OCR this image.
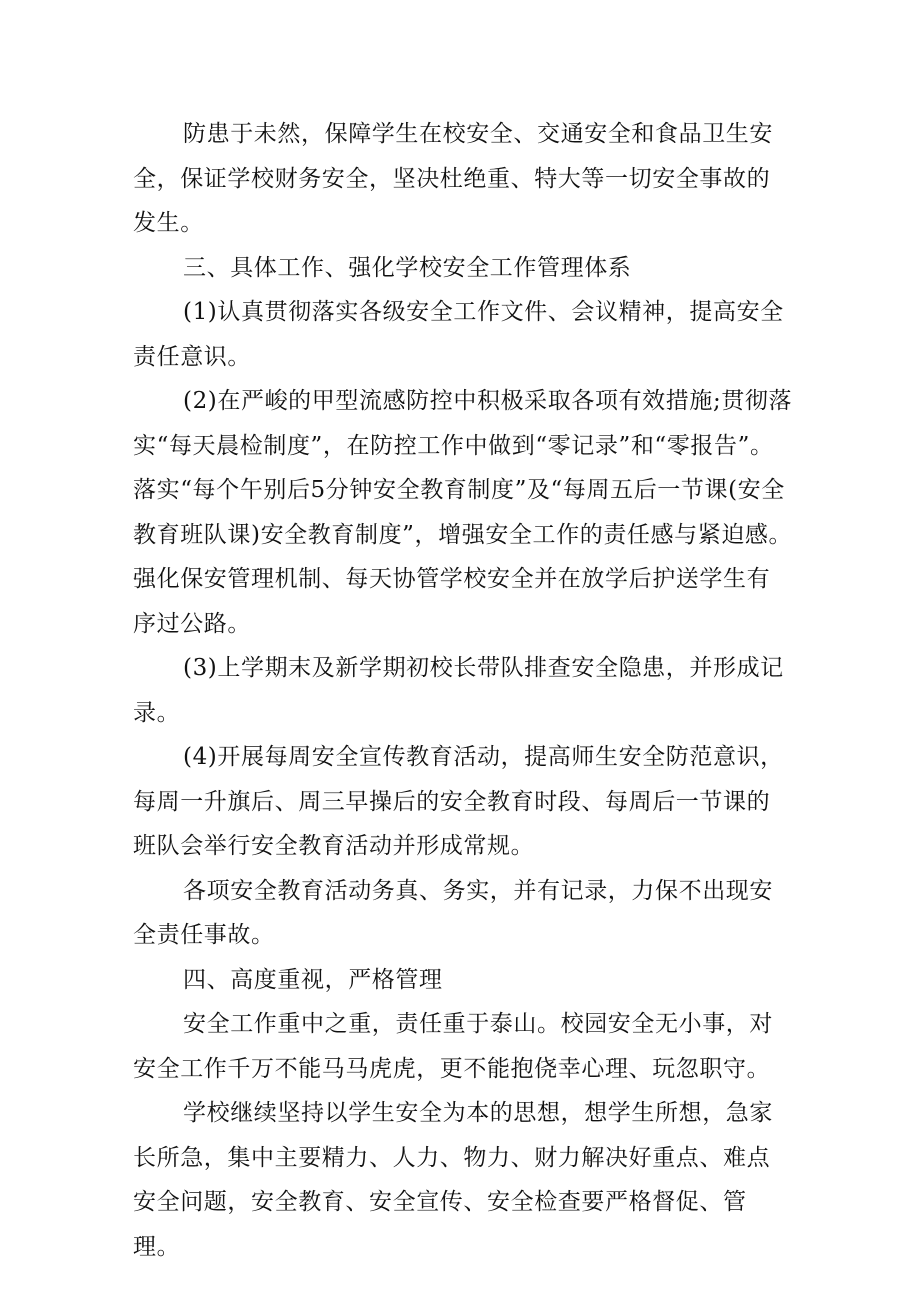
防患于未然，保障学生在校安全、交通安全和食品卫生安全，保证学校财务安全，坚决杜绝重、特大等一切安全事故的发生。

三、具体工作、强化学校安全工作管理体系

(1)认真贯彻落实各级安全工作文件、会议精神，提高安全责任意识。

(2)在严峻的甲型流感防控中积极采取各项有效措施;贯彻落实“每天晨检制度”，在防控工作中做到“零记录”和“零报告”。落实“每个午别后5分钟安全教育制度”及“每周五后一节课(安全教育班队课)安全教育制度”，增强安全工作的责任感与紧迫感。强化保安管理机制、每天协管学校安全并在放学后护送学生有序过公路。

(3)上学期末及新学期初校长带队排查安全隐患，并形成记录。

(4)开展每周安全宣传教育活动，提高师生安全防范意识，每周一升旗后、周三早操后的安全教育时段、每周后一节课的班队会举行安全教育活动并形成常规。

各项安全教育活动务真、务实，并有记录，力保不出现安全责任事故。

四、高度重视，严格管理

安全工作重中之重，责任重于泰山。校园安全无小事，对安全工作千万不能马马虎虎，更不能抱侥幸心理、玩忽职守。

学校继续坚持以学生安全为本的思想，想学生所想，急家长所急，集中主要精力、人力、物力、财力解决好重点、难点安全问题，安全教育、安全宣传、安全检查要严格督促、管理。
